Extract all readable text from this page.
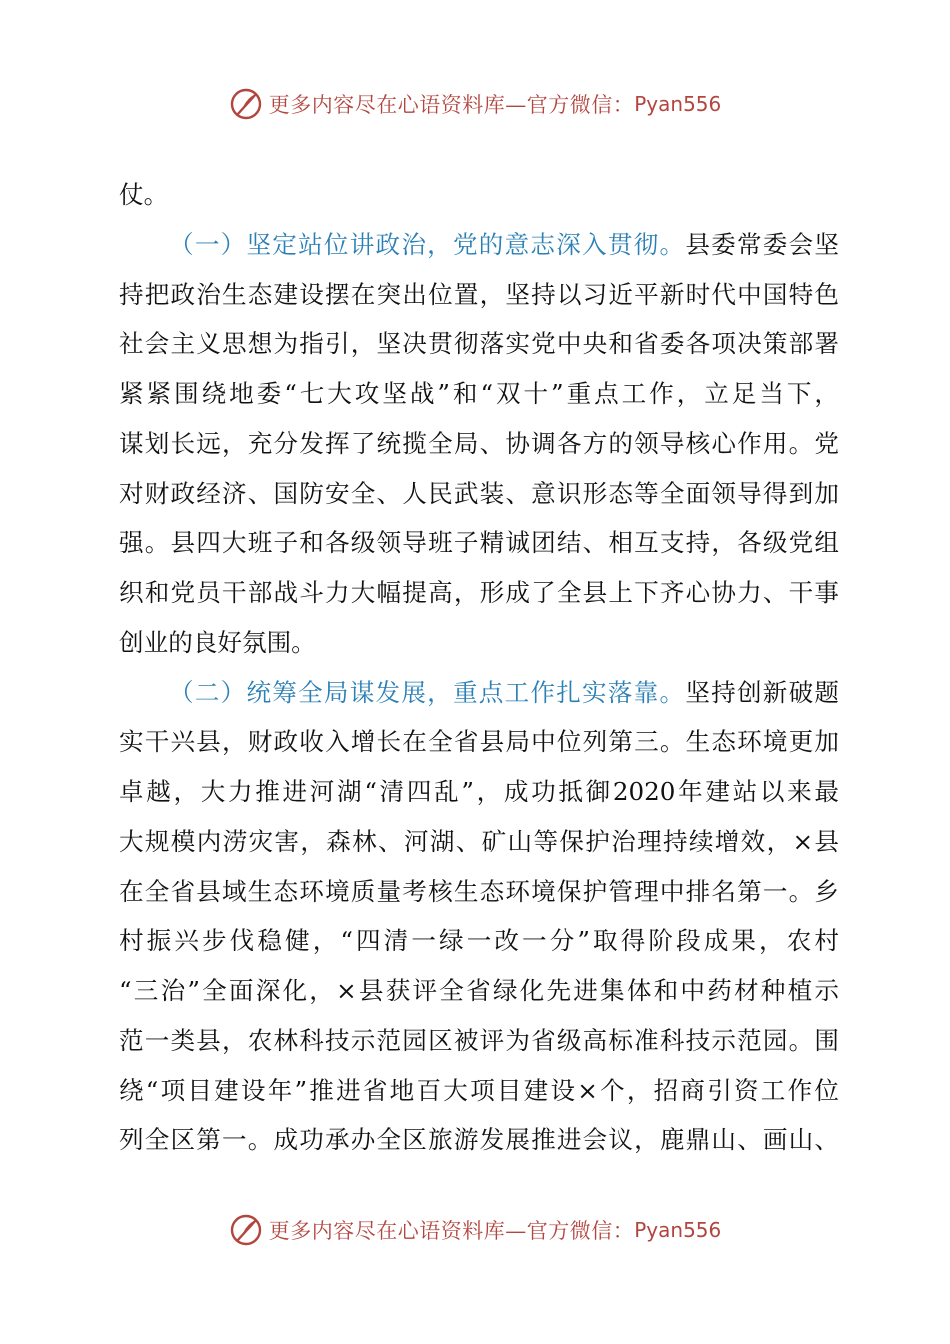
更多内容尽在心语资料库—官方微信： Pyan556
仗。
（一）坚定站位讲政治，党的意志深入贯彻。县委常委会坚
持把政治生态建设摆在突出位置，坚持以习近平新时代中国特色
社会主义思想为指引，坚决贯彻落实党中央和省委各项决策部署
紧紧围绕地委“七大攻坚战”和“双十”重点工作，立足当下，
谋划长远，充分发挥了统揽全局、协调各方的领导核心作用。党
对财政经济、国防安全、人民武装、意识形态等全面领导得到加
强。县四大班子和各级领导班子精诚团结、相互支持，各级党组
织和党员干部战斗力大幅提高，形成了全县上下齐心协力、干事
创业的良好氛围。
（二）统筹全局谋发展，重点工作扎实落靠。坚持创新破题
实干兴县，财政收入增长在全省县局中位列第三。生态环境更加
卓越，大力推进河湖“清四乱”，成功抵御2020年建站以来最
大规模内涝灾害，森林、河湖、矿山等保护治理持续增效，×县
在全省县域生态环境质量考核生态环境保护管理中排名第一。乡
村振兴步伐稳健，“四清一绿一改一分”取得阶段成果，农村
“三治”全面深化，×县获评全省绿化先进集体和中药材种植示
范一类县，农林科技示范园区被评为省级高标准科技示范园。围
绕“项目建设年”推进省地百大项目建设×个，招商引资工作位
列全区第一。成功承办全区旅游发展推进会议，鹿鼎山、画山、
更多内容尽在心语资料库—官方微信： Pyan556
